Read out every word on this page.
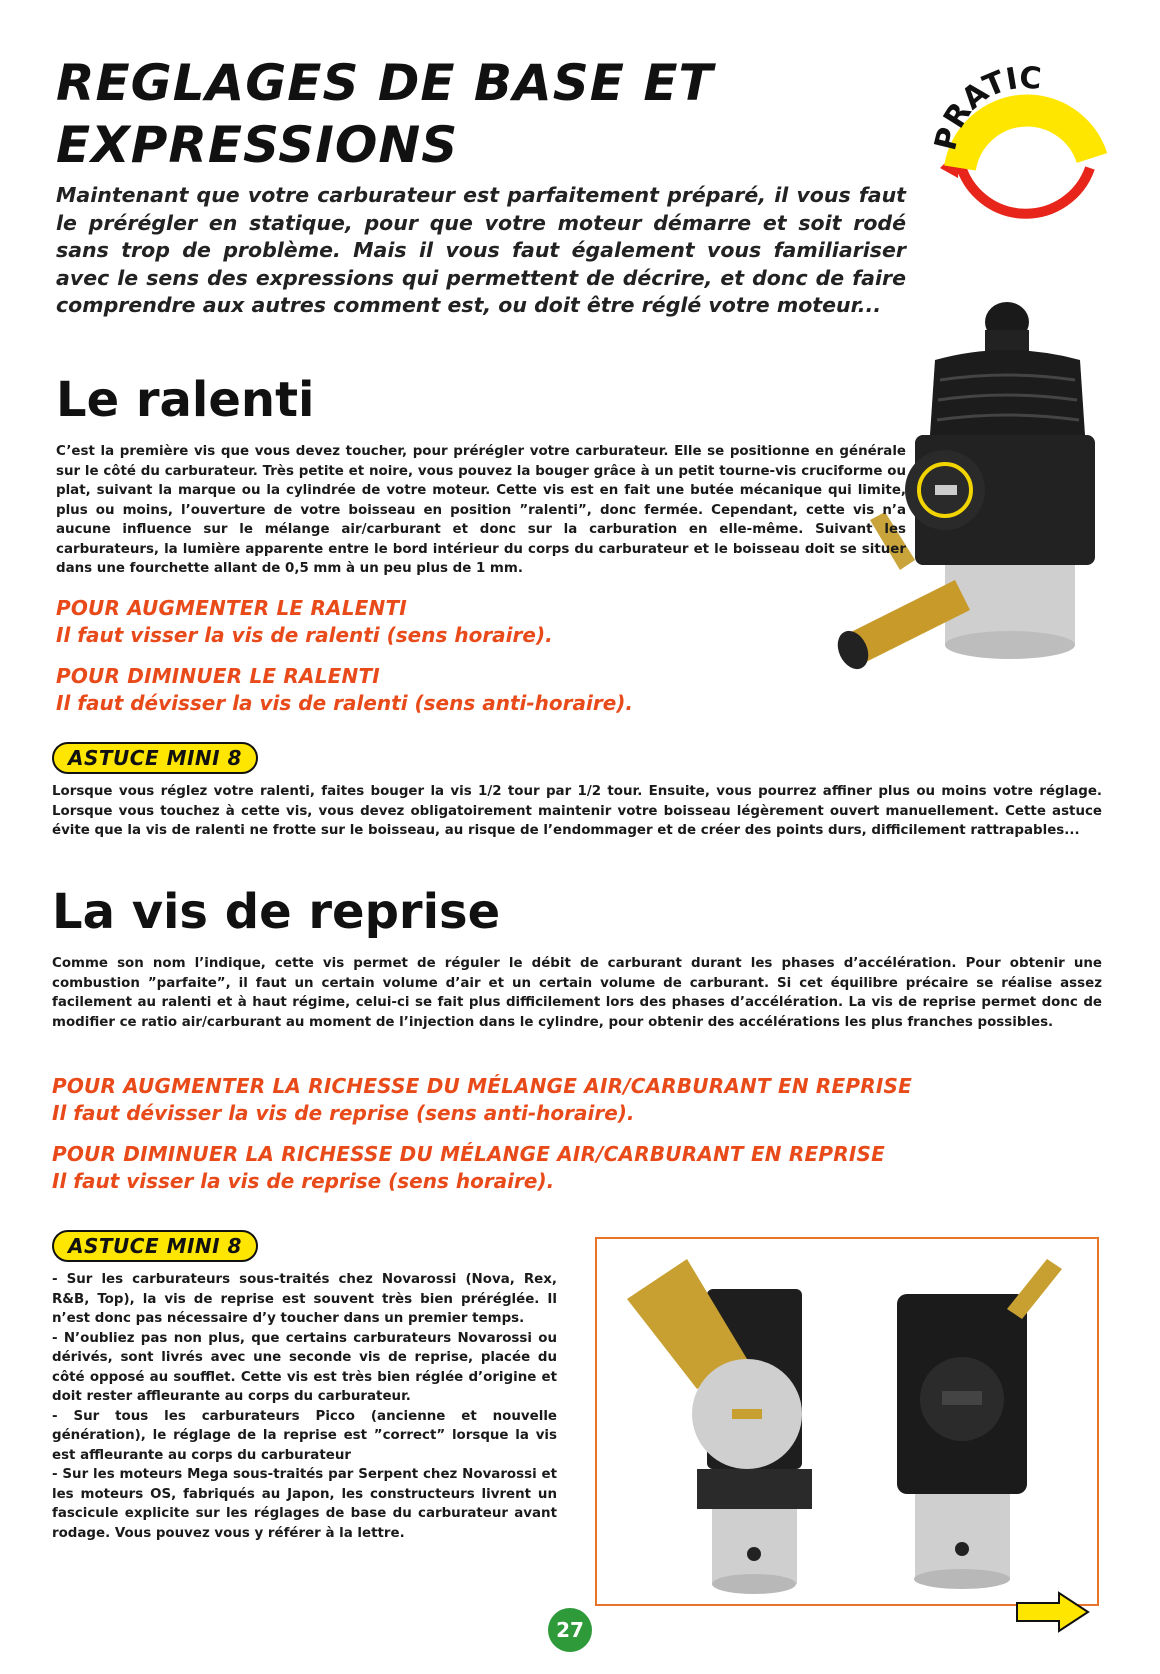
REGLAGES DE BASE ET
EXPRESSIONS	PRATIC

Maintenant que votre carburateur est parfaitement préparé, il vous faut le prérégler en statique, pour que votre moteur démarre et soit rodé sans trop de problème. Mais il vous faut également vous familiariser avec le sens des expressions qui permettent de décrire, et donc de faire comprendre aux autres comment est, ou doit être réglé votre moteur...

Le ralenti

C’est la première vis que vous devez toucher, pour prérégler votre carburateur. Elle se positionne en générale sur le côté du carburateur. Très petite et noire, vous pouvez la bouger grâce à un petit tourne-vis cruciforme ou plat, suivant la marque ou la cylindrée de votre moteur. Cette vis est en fait une butée mécanique qui limite, plus ou moins, l’ouverture de votre boisseau en position ”ralenti”, donc fermée. Cependant, cette vis n’a aucune influence sur le mélange air/carburant et donc sur la carburation en elle-même. Suivant les carburateurs, la lumière apparente entre le bord intérieur du corps du carburateur et le boisseau doit se situer dans une fourchette allant de 0,5 mm à un peu plus de 1 mm.

POUR AUGMENTER LE RALENTI
Il faut visser la vis de ralenti (sens horaire).

POUR DIMINUER LE RALENTI
Il faut dévisser la vis de ralenti (sens anti-horaire).

ASTUCE MINI 8

Lorsque vous réglez votre ralenti, faites bouger la vis 1/2 tour par 1/2 tour. Ensuite, vous pourrez affiner plus ou moins votre réglage. Lorsque vous touchez à cette vis, vous devez obligatoirement maintenir votre boisseau légèrement ouvert manuellement. Cette astuce évite que la vis de ralenti ne frotte sur le boisseau, au risque de l’endommager et de créer des points durs, difficilement rattrapables...

La vis de reprise

Comme son nom l’indique, cette vis permet de réguler le débit de carburant durant les phases d’accélération. Pour obtenir une combustion ”parfaite”, il faut un certain volume d’air et un certain volume de carburant. Si cet équilibre précaire se réalise assez facilement au ralenti et à haut régime, celui-ci se fait plus difficilement lors des phases d’accélération. La vis de reprise permet donc de modifier ce ratio air/carburant au moment de l’injection dans le cylindre, pour obtenir des accélérations les plus franches possibles.

POUR AUGMENTER LA RICHESSE DU MÉLANGE AIR/CARBURANT EN REPRISE
Il faut dévisser la vis de reprise (sens anti-horaire).

POUR DIMINUER LA RICHESSE DU MÉLANGE AIR/CARBURANT EN REPRISE
Il faut visser la vis de reprise (sens horaire).

ASTUCE MINI 8
- Sur les carburateurs sous-traités chez Novarossi (Nova, Rex, R&B, Top), la vis de reprise est souvent très bien préréglée. Il n’est donc pas nécessaire d’y toucher dans un premier temps.
- N’oubliez pas non plus, que certains carburateurs Novarossi ou dérivés, sont livrés avec une seconde vis de reprise, placée du côté opposé au soufflet. Cette vis est très bien réglée d’origine et doit rester affleurante au corps du carburateur.
- Sur tous les carburateurs Picco (ancienne et nouvelle génération), le réglage de la reprise est ”correct” lorsque la vis est affleurante au corps du carburateur
- Sur les moteurs Mega sous-traités par Serpent chez Novarossi et les moteurs OS, fabriqués au Japon, les constructeurs livrent un fascicule explicite sur les réglages de base du carburateur avant rodage. Vous pouvez vous y référer à la lettre.
27
